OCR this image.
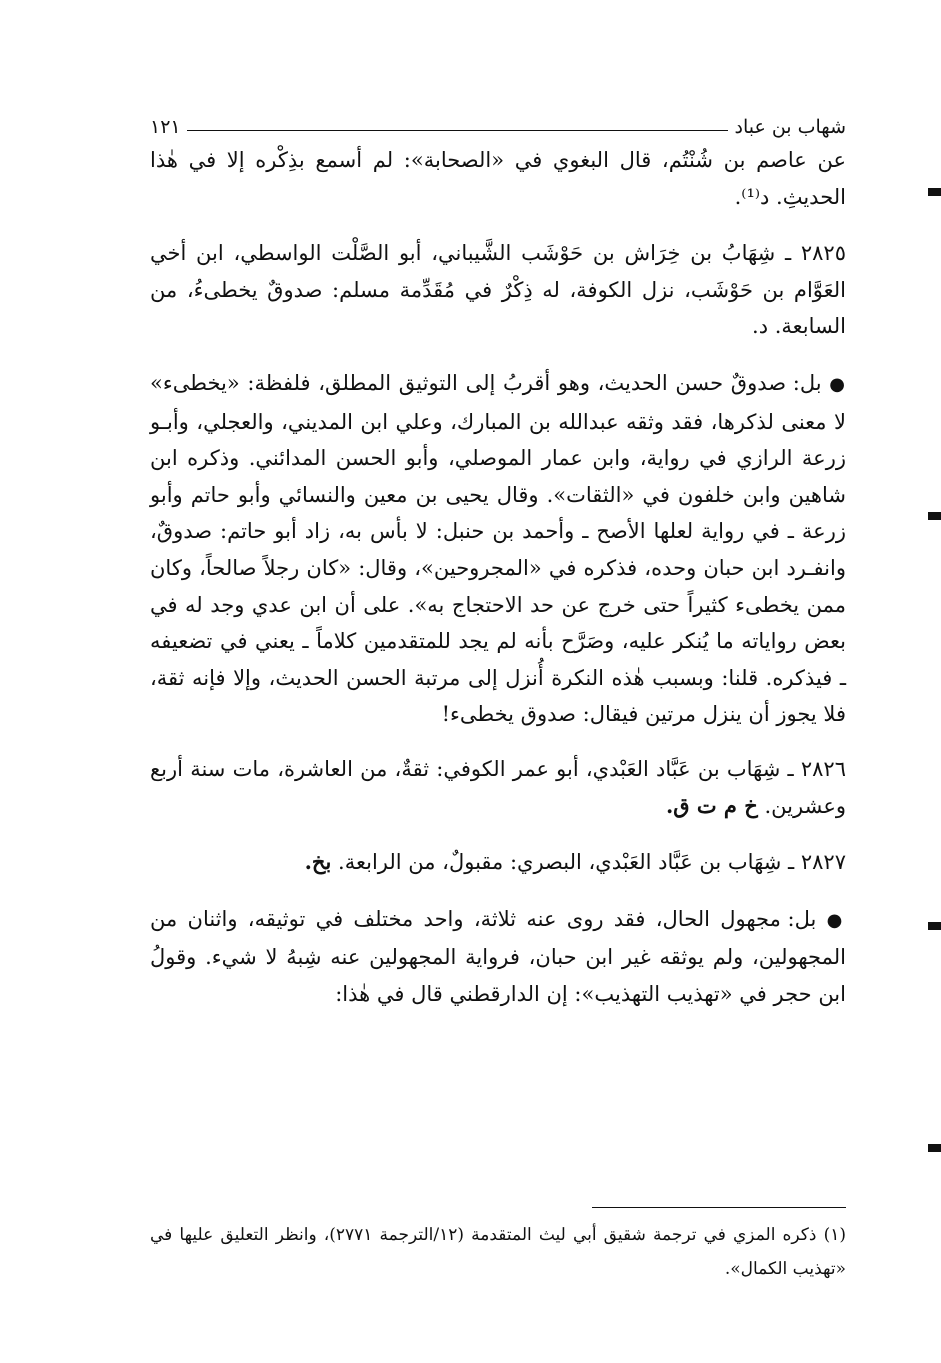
شهاب بن عباد
١٢١

عن عاصم بن شُنْتُم، قال البغوي في «الصحابة»: لم أسمع بذِكْره إلا في هٰذا الحديثِ. د⁽¹⁾.

٢٨٢٥ ـ شِهَابُ بن خِرَاش بن حَوْشَب الشَّيباني، أبو الصَّلْت الواسطي، ابن أخي العَوَّام بن حَوْشَب، نزل الكوفة، له ذِكْرٌ في مُقَدِّمة مسلم: صدوقٌ يخطىءُ، من السابعة. د.

● بل: صدوقٌ حسن الحديث، وهو أقربُ إلى التوثيق المطلق، فلفظة: «يخطىء» لا معنى لذكرها، فقد وثقه عبدالله بن المبارك، وعلي ابن المديني، والعجلي، وأبـو زرعة الرازي في رواية، وابن عمار الموصلي، وأبو الحسن المدائني. وذكره ابن شاهين وابن خلفون في «الثقات». وقال يحيى بن معين والنسائي وأبو حاتم وأبو زرعة ـ في رواية لعلها الأصح ـ وأحمد بن حنبل: لا بأس به، زاد أبو حاتم: صدوقٌ، وانفـرد ابن حبان وحده، فذكره في «المجروحين»، وقال: «كان رجلاً صالحاً، وكان ممن يخطىء كثيراً حتى خرج عن حد الاحتجاج به». على أن ابن عدي وجد له في بعض رواياته ما يُنكر عليه، وصَرَّح بأنه لم يجد للمتقدمين كلاماً ـ يعني في تضعيفه ـ فيذكره. قلنا: وبسبب هٰذه النكرة أُنزل إلى مرتبة الحسن الحديث، وإلا فإنه ثقة، فلا يجوز أن ينزل مرتين فيقال: صدوق يخطىء!

٢٨٢٦ ـ شِهَاب بن عَبَّاد العَبْدي، أبو عمر الكوفي: ثقةٌ، من العاشرة، مات سنة أربع وعشرين. خ م ت ق.

٢٨٢٧ ـ شِهَاب بن عَبَّاد العَبْدي، البصري: مقبولٌ، من الرابعة. بخ.

● بل: مجهول الحال، فقد روى عنه ثلاثة، واحد مختلف في توثيقه، واثنان من المجهولين، ولم يوثقه غير ابن حبان، فرواية المجهولين عنه شِبهُ لا شيء. وقولُ ابن حجر في «تهذيب التهذيب»: إن الدارقطني قال في هٰذا:

(١) ذكره المزي في ترجمة شقيق أبي ليث المتقدمة (١٢/الترجمة ٢٧٧١)، وانظر التعليق عليها في «تهذيب الكمال».
